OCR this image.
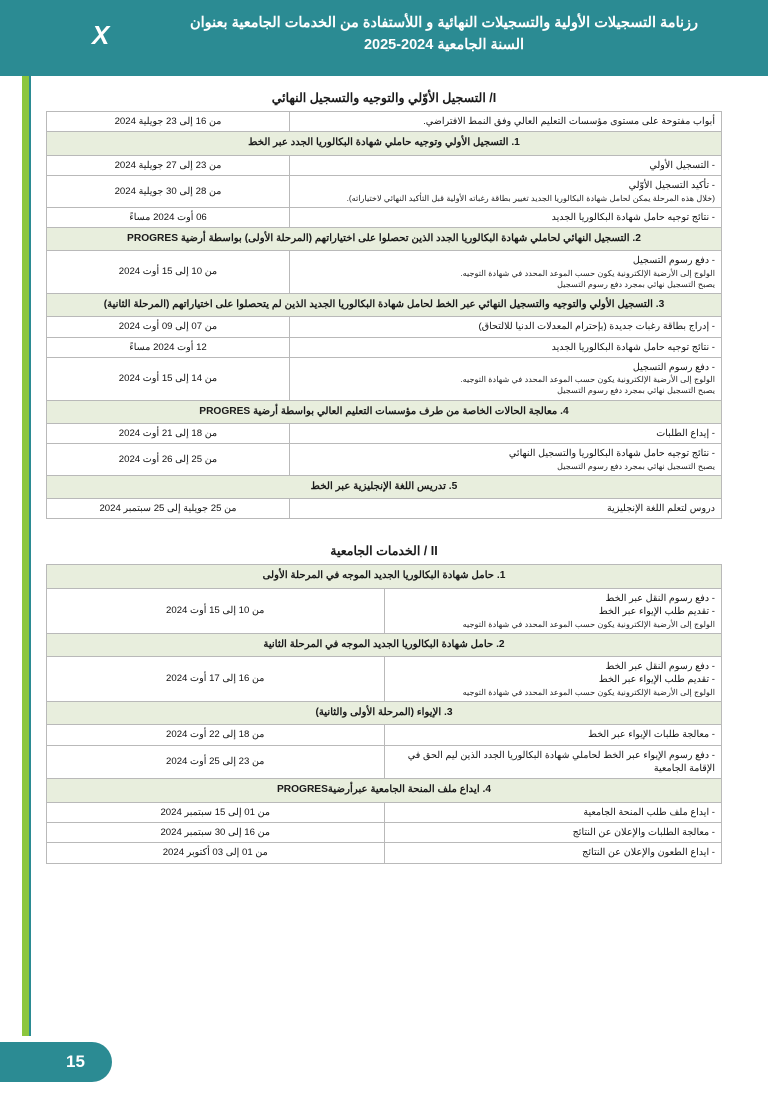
رزنامة التسجيلات الأولية والتسجيلات النهائية و اللأستفادة من الخدمات الجامعية بعنوان
السنة الجامعية 2024-2025
X
I/ التسجيل الأوّلي والتوجيه والتسجيل النهائي
أبواب مفتوحة على مستوى مؤسسات التعليم العالي وفق النمط الافتراضي.	من 16 إلى 23 جويلية 2024
1. التسجيل الأولي وتوجيه حاملي شهادة البكالوريا الجدد عبر الخط	
- التسجيل الأولي	من 23 إلى 27 جويلية 2024
- تأكيد التسجيل الأوّلي
(خلال هذه المرحلة يمكن لحامل شهادة البكالوريا الجديد تغيير بطاقة رغباته الأولية قبل التأكيد النهائي لاختياراته).	من 28 إلى 30 جويلية 2024
- نتائج توجيه حامل شهادة البكالوريا الجديد	06 أوت 2024 مساءً
2. التسجيل النهائي لحاملي شهادة البكالوريا الجدد الذين تحصلوا على اختياراتهم (المرحلة الأولى) بواسطة أرضية PROGRES	
- دفع رسوم التسجيل
الولوج إلى الأرضية الإلكترونية يكون حسب الموعد المحدد في شهادة التوجيه.
يصبح التسجيل نهائي بمجرد دفع رسوم التسجيل	من 10 إلى 15 أوت 2024
3. التسجيل الأولي والتوجيه والتسجيل النهائي عبر الخط لحامل شهادة البكالوريا الجديد الذين لم يتحصلوا على اختياراتهم (المرحلة الثانية)	
- إدراج بطاقة رغبات جديدة (بإحترام المعدلات الدنيا للالتحاق)	من 07 إلى 09 أوت 2024
- نتائج توجيه حامل شهادة البكالوريا الجديد	12 أوت 2024 مساءً
- دفع رسوم التسجيل
الولوج إلى الأرضية الإلكترونية يكون حسب الموعد المحدد في شهادة التوجيه.
يصبح التسجيل نهائي بمجرد دفع رسوم التسجيل	من 14 إلى 15 أوت 2024
4. معالجة الحالات الخاصة من طرف مؤسسات التعليم العالي بواسطة أرضية PROGRES	
- إيداع الطلبات	من 18 إلى 21 أوت 2024
- نتائج توجيه حامل شهادة البكالوريا والتسجيل النهائي
يصبح التسجيل نهائي بمجرد دفع رسوم التسجيل	من 25 إلى 26 أوت 2024
5. تدريس اللغة الإنجليزية عبر الخط	
دروس لتعلم اللغة الإنجليزية	من 25 جويلية إلى 25 سبتمبر 2024
II / الخدمات الجامعية
1. حامل شهادة البكالوريا الجديد الموجه في المرحلة الأولى	
- دفع رسوم النقل عبر الخط
- تقديم طلب الإيواء عبر الخط
الولوج إلى الأرضية الإلكترونية يكون حسب الموعد المحدد في شهادة التوجيه	من 10 إلى 15 أوت 2024
2. حامل شهادة البكالوريا الجديد الموجه في المرحلة الثانية	
- دفع رسوم النقل عبر الخط
- تقديم طلب الإيواء عبر الخط
الولوج إلى الأرضية الإلكترونية يكون حسب الموعد المحدد في شهادة التوجيه	من 16 إلى 17 أوت 2024
3. الإيواء (المرحلة الأولى والثانية)	
- معالجة طلبات الإيواء عبر الخط	من 18 إلى 22 أوت 2024
- دفع رسوم الإيواء عبر الخط لحاملي شهادة البكالوريا الجدد الذين ليم الحق في الإقامة الجامعية	من 23 إلى 25 أوت 2024
4. ايداع ملف المنحة الجامعية عبرأرضيةPROGRES	
- ايداع ملف طلب المنحة الجامعية	من 01 إلى 15 سبتمبر 2024
- معالجة الطلبات والإعلان عن النتائج	من 16 إلى 30 سبتمبر 2024
- ايداع الطعون والإعلان عن النتائج	من 01 إلى 03 أكتوبر 2024
15
